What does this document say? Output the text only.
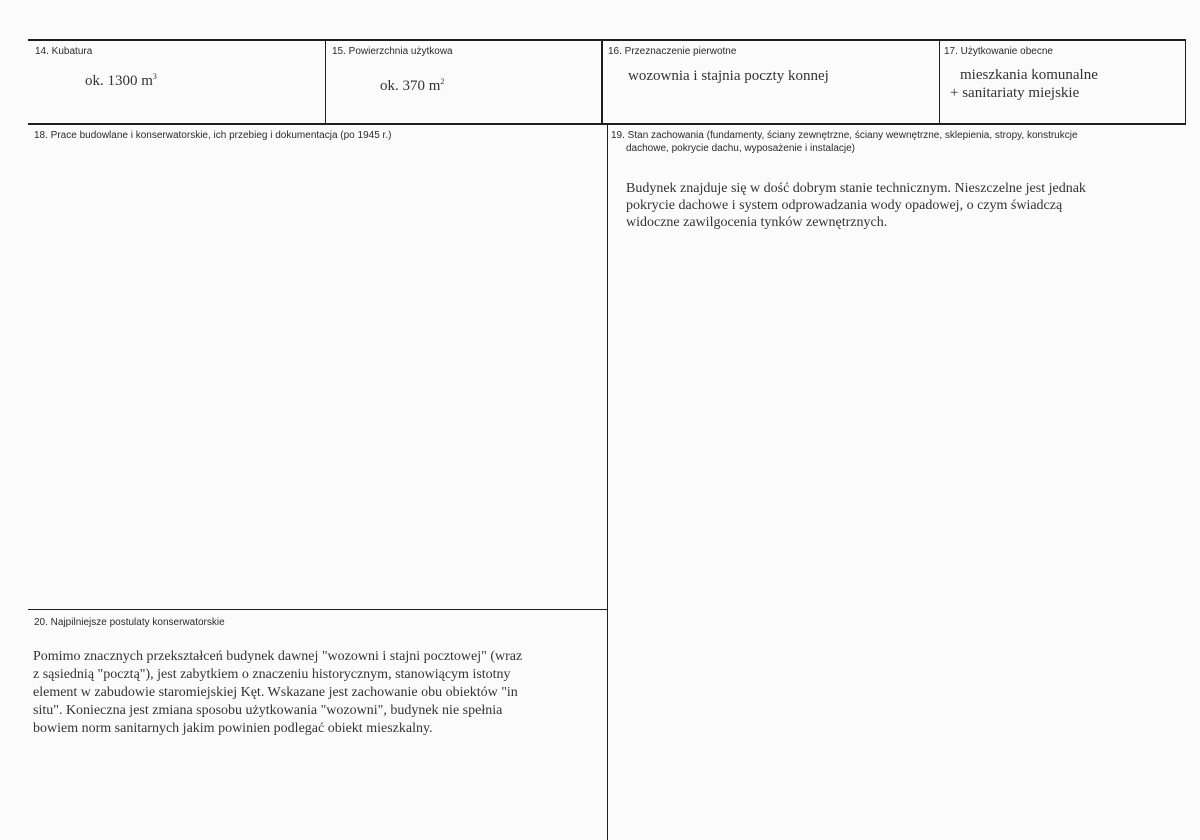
14. Kubatura
ok. 1300 $m^3$
15. Powierzchnia użytkowa
ok. 370 $m^2$
16. Przeznaczenie pierwotne
wozownia i stajnia poczty konnej
17. Użytkowanie obecne
mieszkania komunalne
+ sanitariaty miejskie
18. Prace budowlane i konserwatorskie, ich przebieg i dokumentacja (po 1945 r.)	19. Stan zachowania (fundamenty, ściany zewnętrzne, ściany wewnętrzne, sklepienia, stropy, konstrukcje
dachowe, pokrycie dachu, wyposażenie i instalacje)
Budynek znajduje się w dość dobrym stanie technicznym. Nieszczelne jest jednak
pokrycie dachowe i system odprowadzania wody opadowej, o czym świadczą
widoczne zawilgocenia tynków zewnętrznych.
20. Najpilniejsze postulaty konserwatorskie
Pomimo znacznych przekształceń budynek dawnej "wozowni i stajni pocztowej" (wraz
z sąsiednią "pocztą"), jest zabytkiem o znaczeniu historycznym, stanowiącym istotny
element w zabudowie staromiejskiej Kęt. Wskazane jest zachowanie obu obiektów "in
situ". Konieczna jest zmiana sposobu użytkowania "wozowni", budynek nie spełnia
bowiem norm sanitarnych jakim powinien podlegać obiekt mieszkalny.
